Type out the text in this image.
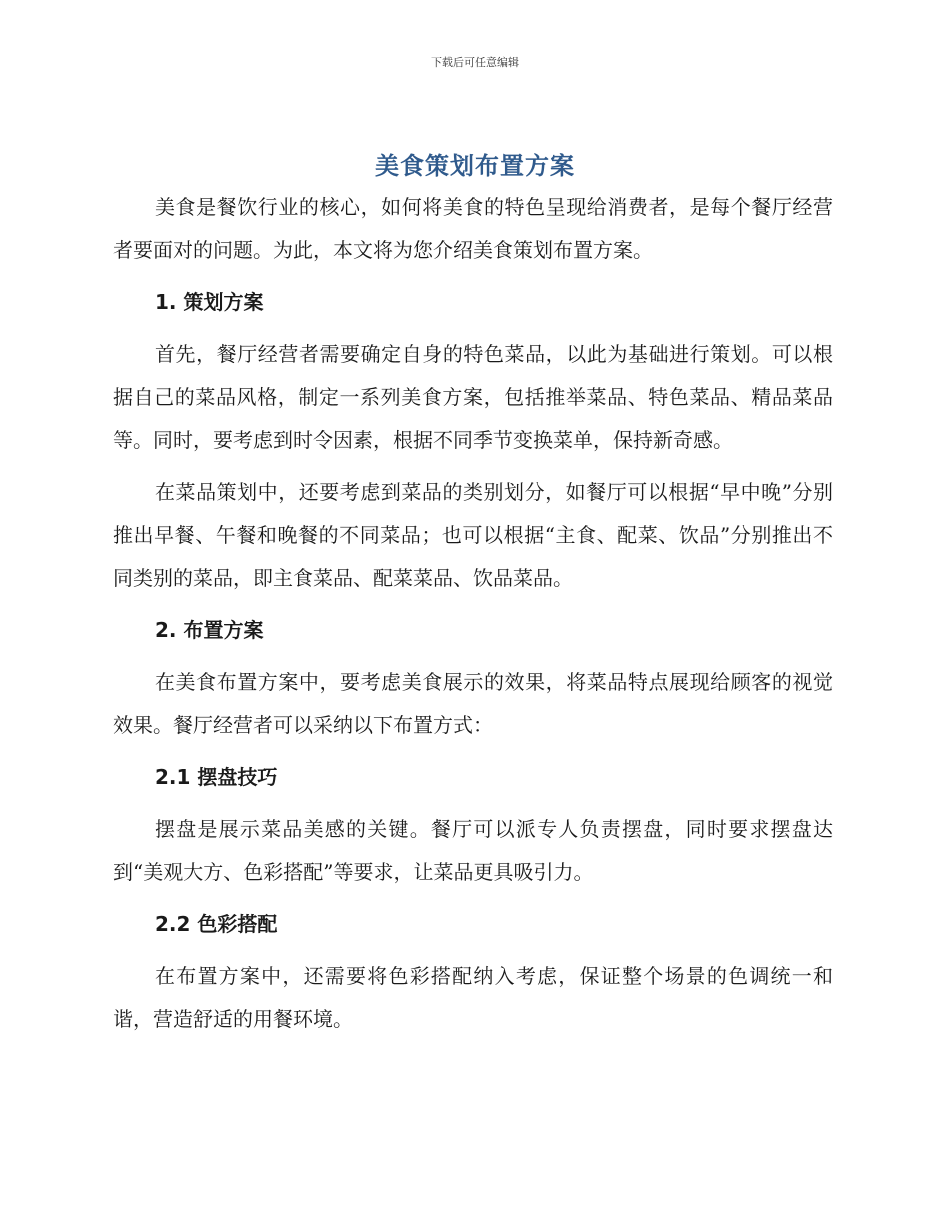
下载后可任意编辑
美食策划布置方案

美食是餐饮行业的核心，如何将美食的特色呈现给消费者，是每个餐厅经营者要面对的问题。为此，本文将为您介绍美食策划布置方案。

1. 策划方案

首先，餐厅经营者需要确定自身的特色菜品，以此为基础进行策划。可以根据自己的菜品风格，制定一系列美食方案，包括推举菜品、特色菜品、精品菜品等。同时，要考虑到时令因素，根据不同季节变换菜单，保持新奇感。

在菜品策划中，还要考虑到菜品的类别划分，如餐厅可以根据“早中晚”分别推出早餐、午餐和晚餐的不同菜品；也可以根据“主食、配菜、饮品”分别推出不同类别的菜品，即主食菜品、配菜菜品、饮品菜品。

2. 布置方案

在美食布置方案中，要考虑美食展示的效果，将菜品特点展现给顾客的视觉效果。餐厅经营者可以采纳以下布置方式：

2.1 摆盘技巧

摆盘是展示菜品美感的关键。餐厅可以派专人负责摆盘，同时要求摆盘达到“美观大方、色彩搭配”等要求，让菜品更具吸引力。

2.2 色彩搭配

在布置方案中，还需要将色彩搭配纳入考虑，保证整个场景的色调统一和谐，营造舒适的用餐环境。
